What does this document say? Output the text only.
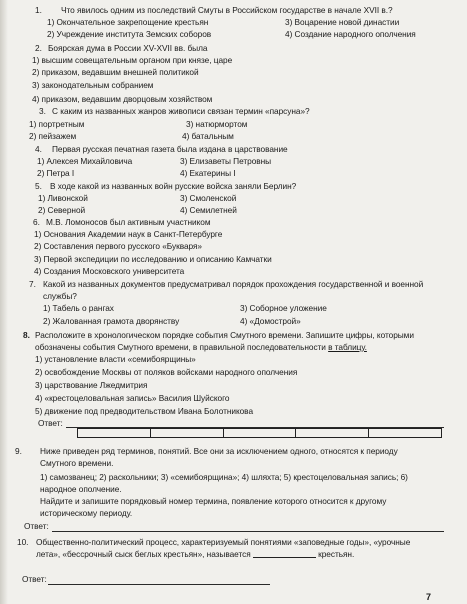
1. Что явилось одним из последствий Смуты в Российском государстве в начале XVII в.?
1) Окончательное закрепощение крестьян	3) Воцарение новой династии
2) Учреждение института Земских соборов	4) Создание народного ополчения
2. Боярская дума в России XV-XVII вв. была
1) высшим совещательным органом при князе, царе
2) приказом, ведавшим внешней политикой
3) законодательным собранием
4) приказом, ведавшим дворцовым хозяйством
3. С каким из названных жанров живописи связан термин «парсуна»?
1) портретным	3) натюрмортом
2) пейзажем	4) батальным
4. Первая русская печатная газета была издана в царствование
1) Алексея Михайловича	3) Елизаветы Петровны
2) Петра I	4) Екатерины I
5. В ходе какой из названных войн русские войска заняли Берлин?
1) Ливонской	3) Смоленской
2) Северной	4) Семилетней
6. М.В. Ломоносов был активным участником
1) Основания Академии наук в Санкт-Петербурге
2) Составления первого русского «Букваря»
3) Первой экспедиции по исследованию и описанию Камчатки
4) Создания Московского университета
7. Какой из названных документов предусматривал порядок прохождения государственной и военной
службы?
1) Табель о рангах	3) Соборное уложение
2) Жалованная грамота дворянству	4) «Домострой»
8. Расположите в хронологическом порядке события Смутного времени. Запишите цифры, которыми
обозначены события Смутного времени, в правильной последовательности в таблицу.
1) установление власти «семибоярщины»
2) освобождение Москвы от поляков войсками народного ополчения
3) царствование Лжедмитрия
4) «крестоцеловальная запись» Василия Шуйского
5) движение под предводительством Ивана Болотникова
Ответ:
9. Ниже приведен ряд терминов, понятий. Все они за исключением одного, относятся к периоду
Смутного времени.
1) самозванец; 2) раскольники; 3) «семибоярщина»; 4) шляхта; 5) крестоцеловальная запись; 6)
народное ополчение.
Найдите и запишите порядковый номер термина, появление которого относится к другому
историческому периоду.
Ответ:
10. Общественно-политический процесс, характеризуемый понятиями «заповедные годы», «урочные
лета», «бессрочный сыск беглых крестьян», называется	крестьян.
Ответ:
7
